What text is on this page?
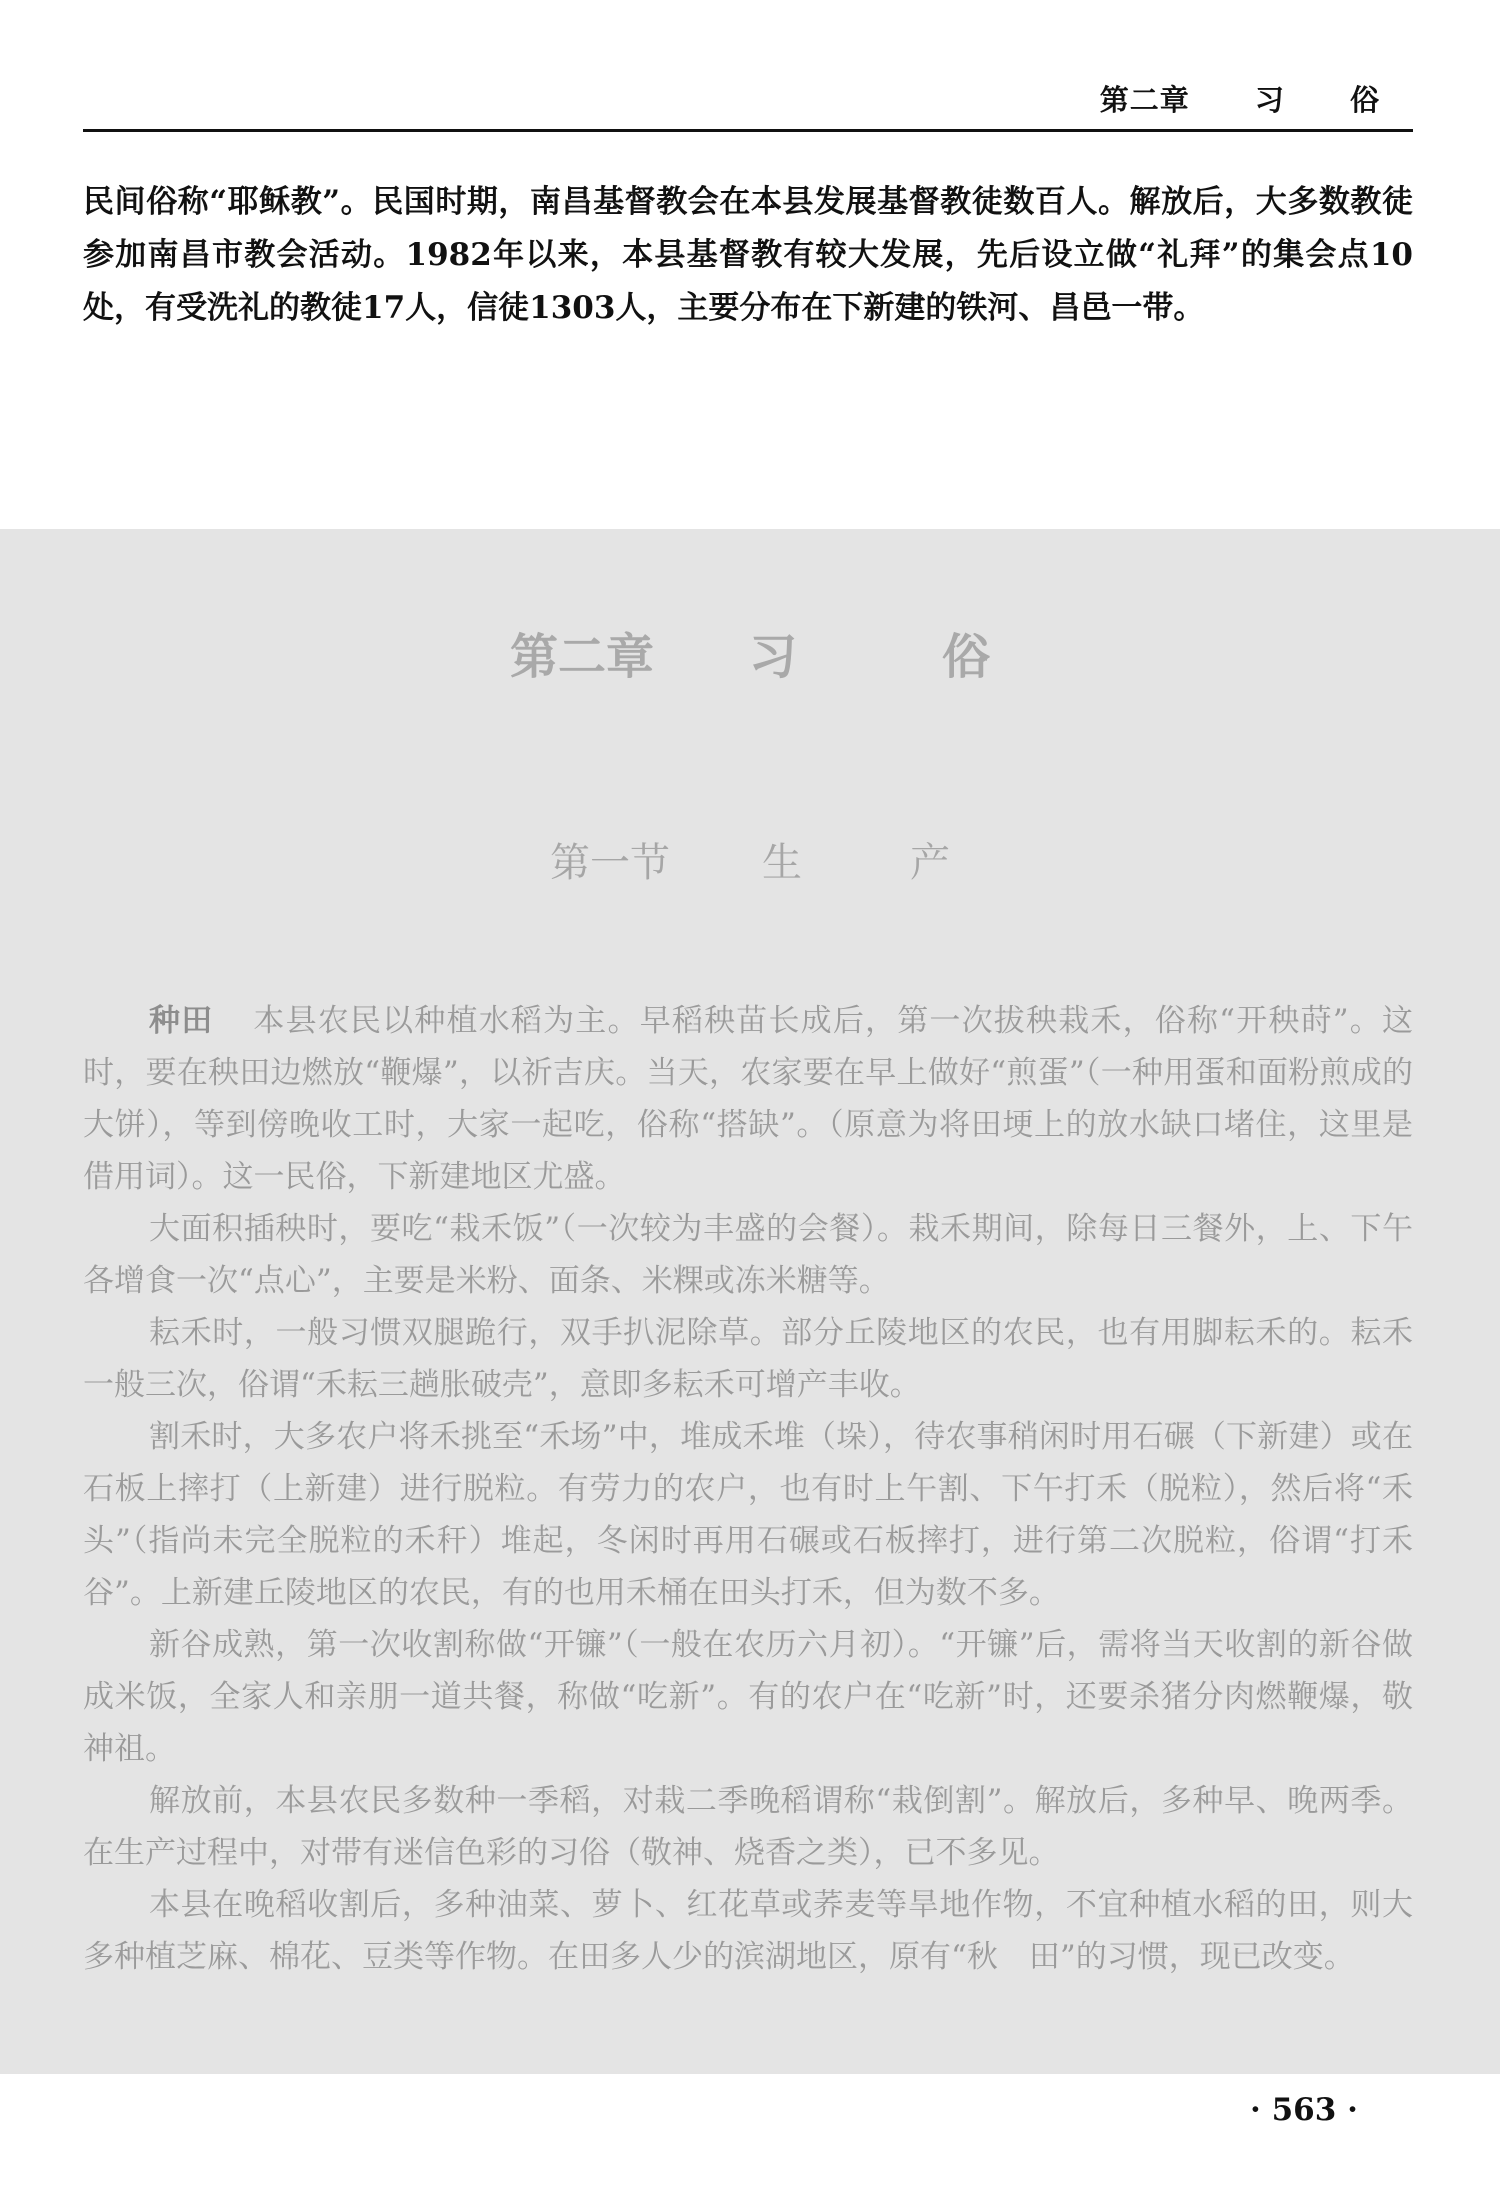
第二章 习 俗
民间俗称“耶稣教”。民国时期，南昌基督教会在本县发展基督教徒数百人。解放后，大多数教徒参加南昌市教会活动。1982年以来，本县基督教有较大发展，先后设立做“礼拜”的集会点10处，有受洗礼的教徒17人，信徒1303人，主要分布在下新建的铁河、昌邑一带。
第二章 习	俗
第一节 生	产

种田 本县农民以种植水稻为主。早稻秧苗长成后，第一次拔秧栽禾，俗称“开秧莳”。这时，要在秧田边燃放“鞭爆”，以祈吉庆。当天，农家要在早上做好“煎蛋”（一种用蛋和面粉煎成的大饼），等到傍晚收工时，大家一起吃，俗称“搭缺”。（原意为将田埂上的放水缺口堵住，这里是借用词）。这一民俗，下新建地区尤盛。

大面积插秧时，要吃“栽禾饭”（一次较为丰盛的会餐）。栽禾期间，除每日三餐外，上、下午各增食一次“点心”，主要是米粉、面条、米粿或冻米糖等。

耘禾时，一般习惯双腿跪行，双手扒泥除草。部分丘陵地区的农民，也有用脚耘禾的。耘禾一般三次，俗谓“禾耘三趟胀破壳”，意即多耘禾可增产丰收。

割禾时，大多农户将禾挑至“禾场”中，堆成禾堆（垛），待农事稍闲时用石碾（下新建）或在石板上摔打（上新建）进行脱粒。有劳力的农户，也有时上午割、下午打禾（脱粒），然后将“禾头”（指尚未完全脱粒的禾秆）堆起，冬闲时再用石碾或石板摔打，进行第二次脱粒，俗谓“打禾谷”。上新建丘陵地区的农民，有的也用禾桶在田头打禾，但为数不多。

新谷成熟，第一次收割称做“开镰”（一般在农历六月初）。“开镰”后，需将当天收割的新谷做成米饭，全家人和亲朋一道共餐，称做“吃新”。有的农户在“吃新”时，还要杀猪分肉燃鞭爆，敬神祖。

解放前，本县农民多数种一季稻，对栽二季晚稻谓称“栽倒割”。解放后，多种早、晚两季。在生产过程中，对带有迷信色彩的习俗（敬神、烧香之类），已不多见。

本县在晚稻收割后，多种油菜、萝卜、红花草或荞麦等旱地作物，不宜种植水稻的田，则大多种植芝麻、棉花、豆类等作物。在田多人少的滨湖地区，原有“秋　田”的习惯，现已改变。

· 563 ·
